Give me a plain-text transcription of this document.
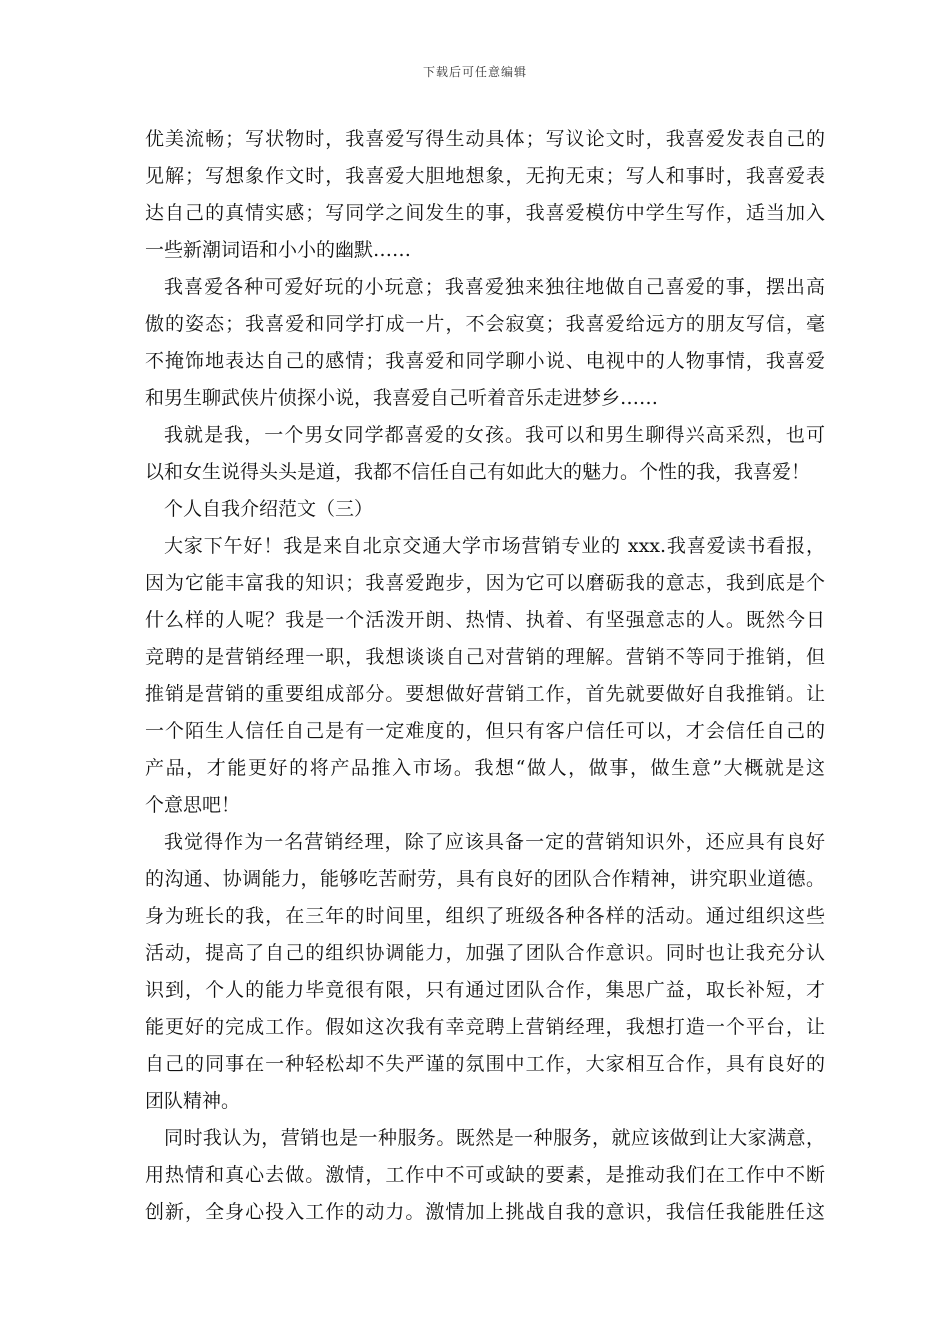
下载后可任意编辑
优美流畅；写状物时，我喜爱写得生动具体；写议论文时，我喜爱发表自己的
见解；写想象作文时，我喜爱大胆地想象，无拘无束；写人和事时，我喜爱表
达自己的真情实感；写同学之间发生的事，我喜爱模仿中学生写作，适当加入
一些新潮词语和小小的幽默……
我喜爱各种可爱好玩的小玩意；我喜爱独来独往地做自己喜爱的事，摆出高
傲的姿态；我喜爱和同学打成一片，不会寂寞；我喜爱给远方的朋友写信，毫
不掩饰地表达自己的感情；我喜爱和同学聊小说、电视中的人物事情，我喜爱
和男生聊武侠片侦探小说，我喜爱自己听着音乐走进梦乡……
我就是我，一个男女同学都喜爱的女孩。我可以和男生聊得兴高采烈，也可
以和女生说得头头是道，我都不信任自己有如此大的魅力。个性的我，我喜爱！
个人自我介绍范文（三）
大家下午好！我是来自北京交通大学市场营销专业的 xxx.我喜爱读书看报，
因为它能丰富我的知识；我喜爱跑步，因为它可以磨砺我的意志，我到底是个
什么样的人呢？我是一个活泼开朗、热情、执着、有坚强意志的人。既然今日
竞聘的是营销经理一职，我想谈谈自己对营销的理解。营销不等同于推销，但
推销是营销的重要组成部分。要想做好营销工作，首先就要做好自我推销。让
一个陌生人信任自己是有一定难度的，但只有客户信任可以，才会信任自己的
产品，才能更好的将产品推入市场。我想“做人，做事，做生意”大概就是这
个意思吧！
我觉得作为一名营销经理，除了应该具备一定的营销知识外，还应具有良好
的沟通、协调能力，能够吃苦耐劳，具有良好的团队合作精神，讲究职业道德。
身为班长的我，在三年的时间里，组织了班级各种各样的活动。通过组织这些
活动，提高了自己的组织协调能力，加强了团队合作意识。同时也让我充分认
识到，个人的能力毕竟很有限，只有通过团队合作，集思广益，取长补短，才
能更好的完成工作。假如这次我有幸竞聘上营销经理，我想打造一个平台，让
自己的同事在一种轻松却不失严谨的氛围中工作，大家相互合作，具有良好的
团队精神。
同时我认为，营销也是一种服务。既然是一种服务，就应该做到让大家满意，
用热情和真心去做。激情，工作中不可或缺的要素，是推动我们在工作中不断
创新，全身心投入工作的动力。激情加上挑战自我的意识，我信任我能胜任这
